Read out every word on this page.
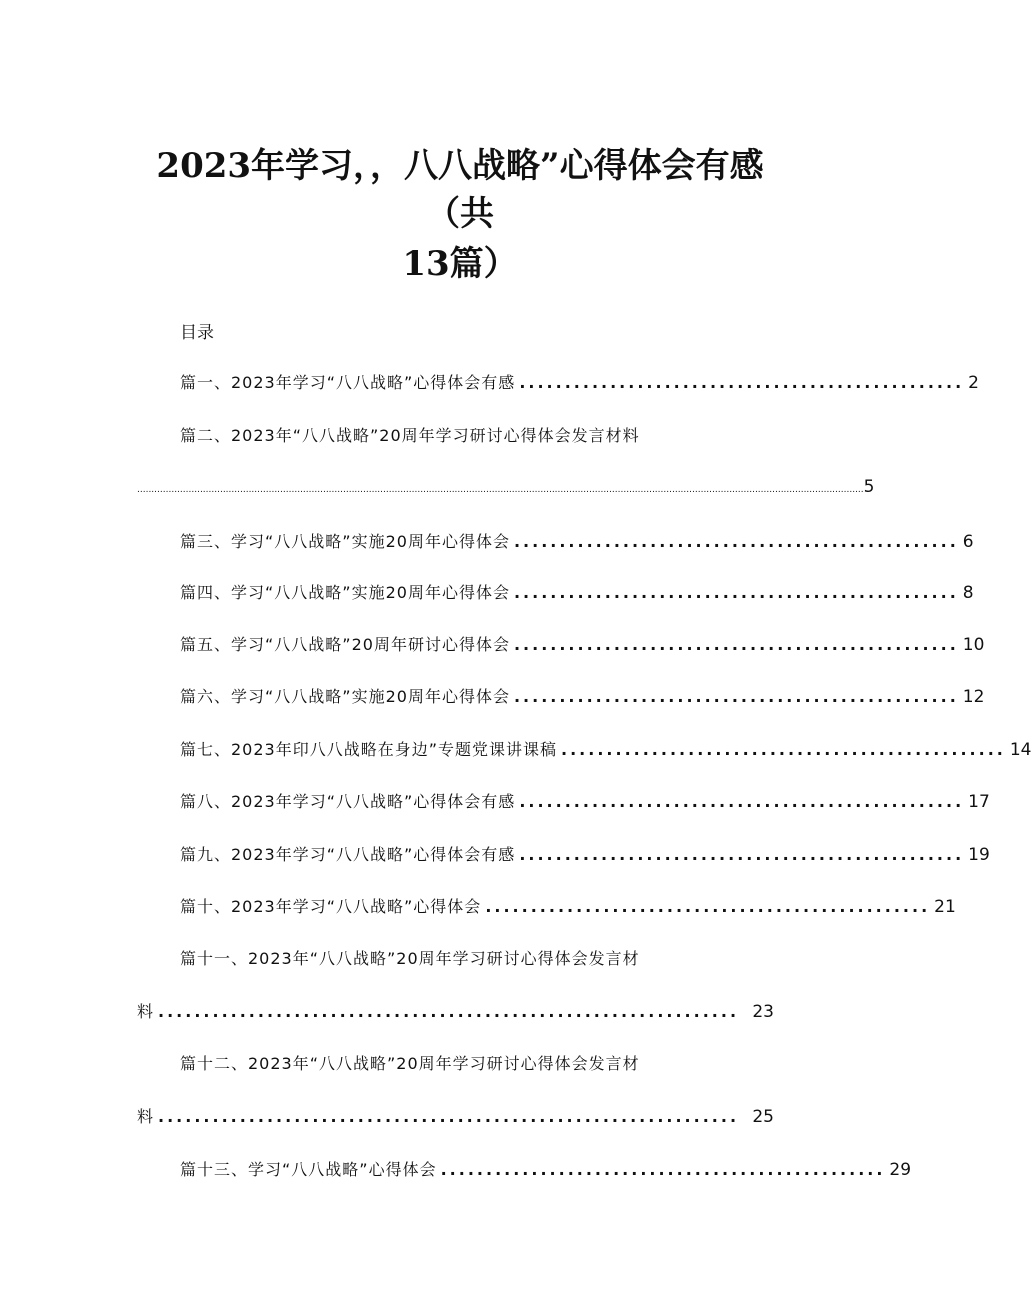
2023年学习，，八八战略”心得体会有感
（共
13篇）
目录
篇一、2023年学习“八八战略”心得体会有感 ................................................. 2
篇二、2023年“八八战略”20周年学习研讨心得体会发言材料
.............................................................................................................................................................................................................................................................. 5
篇三、学习“八八战略”实施20周年心得体会 ................................................. 6
篇四、学习“八八战略”实施20周年心得体会 ................................................. 8
篇五、学习“八八战略”20周年研讨心得体会 ................................................. 10
篇六、学习“八八战略”实施20周年心得体会 ................................................. 12
篇七、2023年印八八战略在身边”专题党课讲课稿 ................................................. 14
篇八、2023年学习“八八战略”心得体会有感 ................................................. 17
篇九、2023年学习“八八战略”心得体会有感 ................................................. 19
篇十、2023年学习“八八战略”心得体会 ................................................. 21
篇十一、2023年“八八战略”20周年学习研讨心得体会发言材
料 ................................................................ 23
篇十二、2023年“八八战略”20周年学习研讨心得体会发言材
料 ................................................................ 25
篇十三、学习“八八战略”心得体会 ................................................. 29
